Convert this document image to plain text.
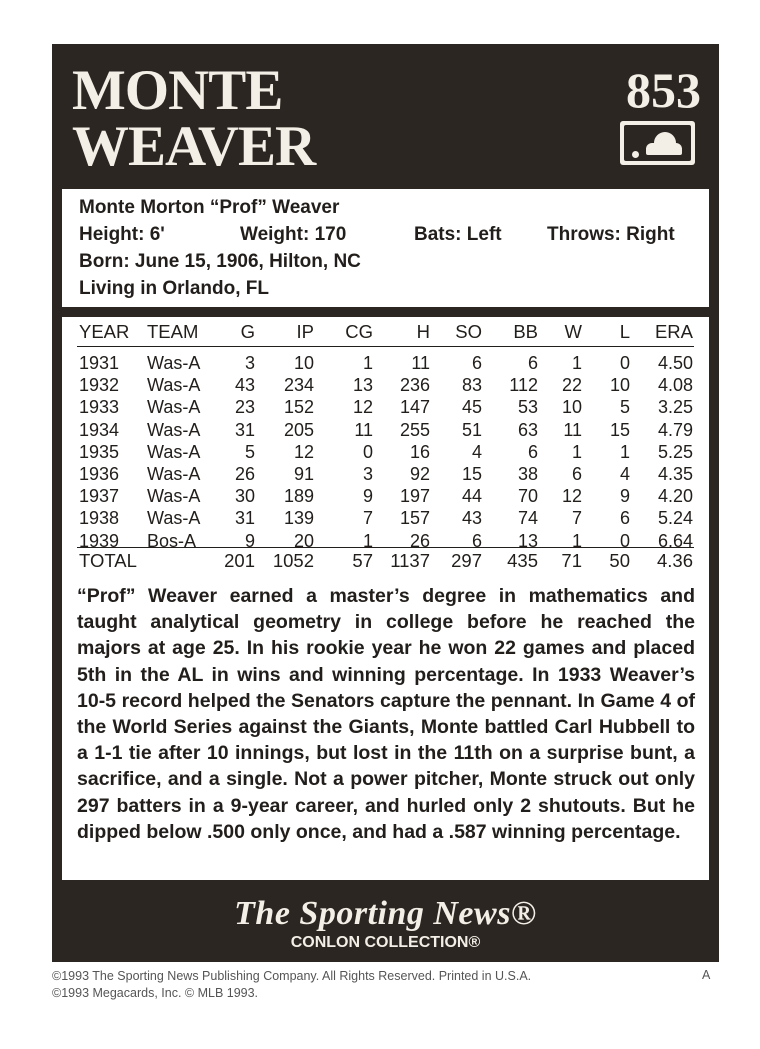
MONTE
WEAVER
853
Monte Morton “Prof” Weaver
Height: 6'	Weight: 170	Bats: Left Throws: Right
Born: June 15, 1906, Hilton, NC
Living in Orlando, FL
YEAR TEAM G IP CG H SO BB W L ERA
1931 Was-A 3 10	1 11 6	6 1 0 4.50
1932 Was-A 43 234 13 236 83 112 22 10 4.08
1933 Was-A 23 152 12 147 45 53 10 5 3.25
1934 Was-A 31 205 11 255 51 63 11 15 4.79
1935 Was-A 5 12	0 16 4	6 1 1 5.25
1936 Was-A 26 91	3 92 15 38 6 4 4.35
1937 Was-A 30 189	9 197 44 70 12 9 4.20
1938 Was-A 31 139	7 157 43 74 7 6 5.24
1939 Bos-A	9 20	1 26 6 13 1 0 6.64
TOTAL	201 1052 57 1137 297 435 71 50 4.36

“Prof” Weaver earned a master’s degree in mathematics and taught analytical geometry in college before he reached the majors at age 25. In his rookie year he won 22 games and placed 5th in the AL in wins and winning percentage. In 1933 Weaver’s 10-5 record helped the Senators capture the pennant. In Game 4 of the World Series against the Giants, Monte battled Carl Hubbell to a 1-1 tie after 10 innings, but lost in the 11th on a surprise bunt, a sacrifice, and a single. Not a power pitcher, Monte struck out only 297 batters in a 9-year career, and hurled only 2 shutouts. But he dipped below .500 only once, and had a .587 winning percentage.

The Sporting News®
CONLON COLLECTION®
©1993 The Sporting News Publishing Company. All Rights Reserved. Printed in U.S.A.
©1993 Megacards, Inc. © MLB 1993.
A
